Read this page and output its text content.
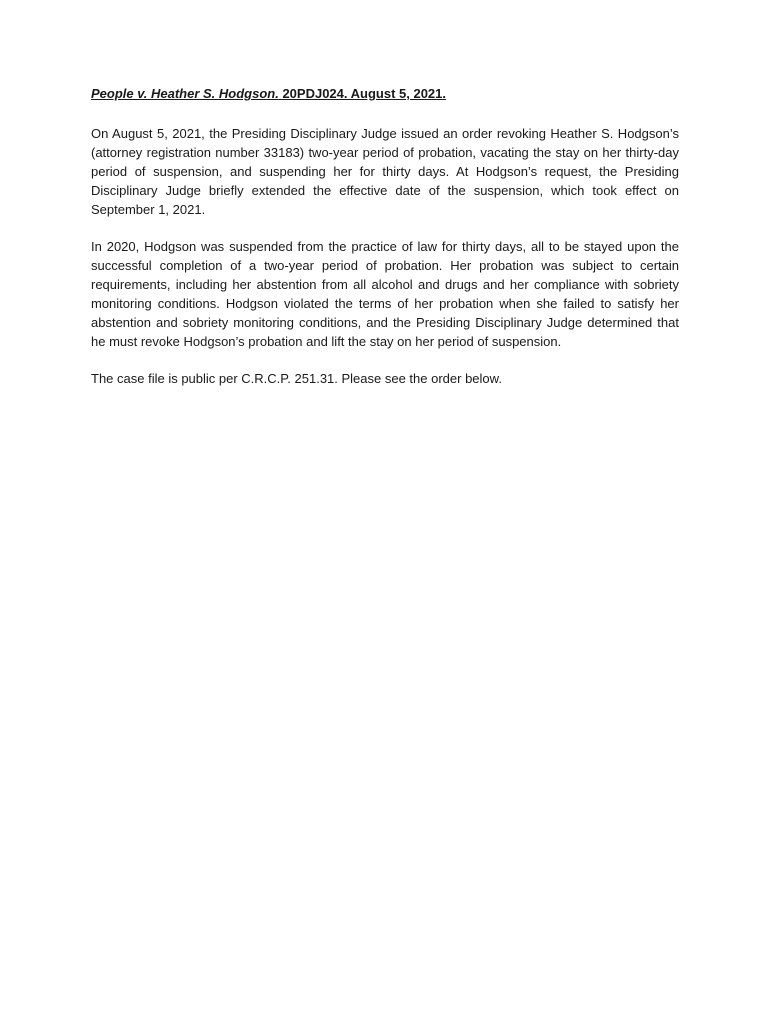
People v. Heather S. Hodgson. 20PDJ024. August 5, 2021.

On August 5, 2021, the Presiding Disciplinary Judge issued an order revoking Heather S. Hodgson’s (attorney registration number 33183) two-year period of probation, vacating the stay on her thirty-day period of suspension, and suspending her for thirty days. At Hodgson’s request, the Presiding Disciplinary Judge briefly extended the effective date of the suspension, which took effect on September 1, 2021.

In 2020, Hodgson was suspended from the practice of law for thirty days, all to be stayed upon the successful completion of a two-year period of probation. Her probation was subject to certain requirements, including her abstention from all alcohol and drugs and her compliance with sobriety monitoring conditions. Hodgson violated the terms of her probation when she failed to satisfy her abstention and sobriety monitoring conditions, and the Presiding Disciplinary Judge determined that he must revoke Hodgson’s probation and lift the stay on her period of suspension.

The case file is public per C.R.C.P. 251.31. Please see the order below.
